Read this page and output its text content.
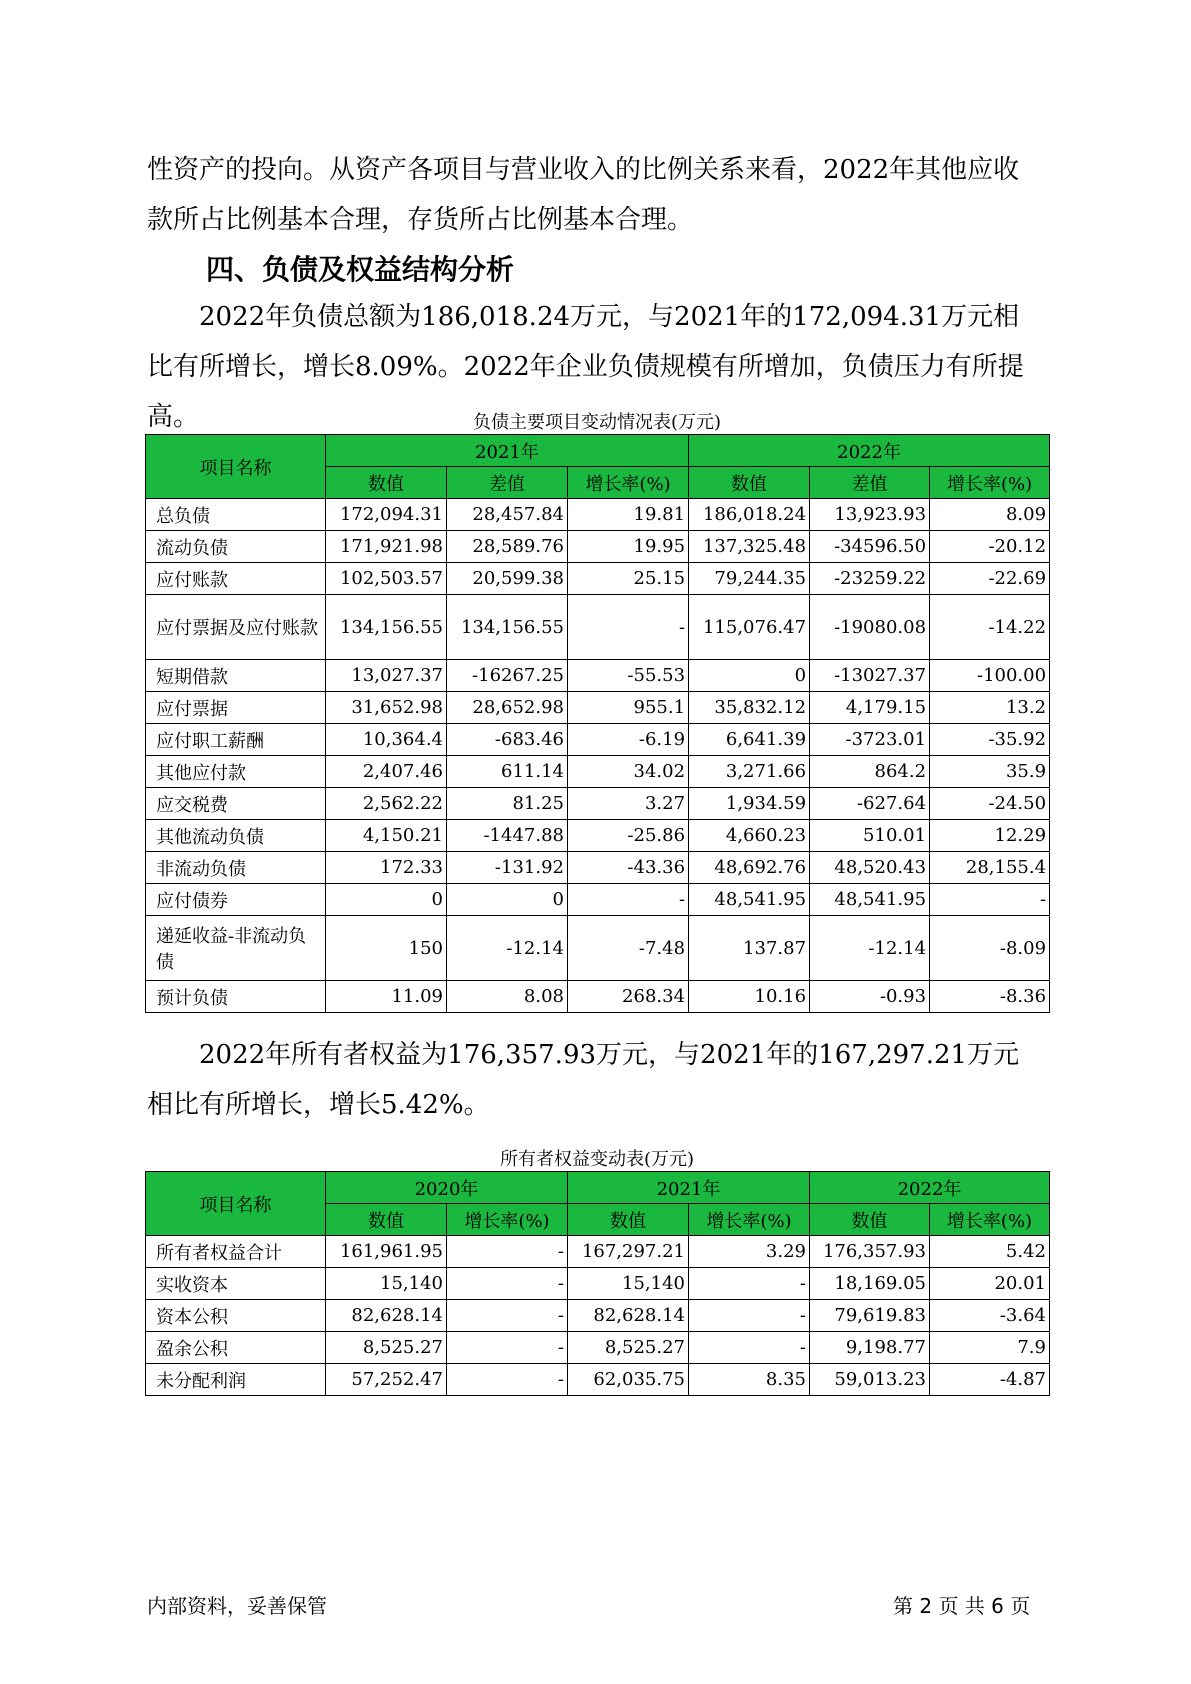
性资产的投向。从资产各项目与营业收入的比例关系来看，2022年其他应收款所占比例基本合理，存货所占比例基本合理。

四、负债及权益结构分析

2022年负债总额为186,018.24万元，与2021年的172,094.31万元相比有所增长，增长8.09%。2022年企业负债规模有所增加，负债压力有所提高。	负债主要项目变动情况表(万元)

项目名称	2021年			2022年		
	数值	差值	增长率(%)	数值	差值	增长率(%)
总负债	172,094.31	28,457.84	19.81	186,018.24	13,923.93	8.09
流动负债	171,921.98	28,589.76	19.95	137,325.48	-34596.50	-20.12
应付账款	102,503.57	20,599.38	25.15	79,244.35	-23259.22	-22.69
应付票据及应付账款	134,156.55	134,156.55	-	115,076.47	-19080.08	-14.22
短期借款	13,027.37	-16267.25	-55.53	0	-13027.37	-100.00
应付票据	31,652.98	28,652.98	955.1	35,832.12	4,179.15	13.2
应付职工薪酬	10,364.4	-683.46	-6.19	6,641.39	-3723.01	-35.92
其他应付款	2,407.46	611.14	34.02	3,271.66	864.2	35.9
应交税费	2,562.22	81.25	3.27	1,934.59	-627.64	-24.50
其他流动负债	4,150.21	-1447.88	-25.86	4,660.23	510.01	12.29
非流动负债	172.33	-131.92	-43.36	48,692.76	48,520.43	28,155.4
应付债券	0	0	-	48,541.95	48,541.95	-
递延收益-非流动负债	150	-12.14	-7.48	137.87	-12.14	-8.09
预计负债	11.09	8.08	268.34	10.16	-0.93	-8.36

2022年所有者权益为176,357.93万元，与2021年的167,297.21万元相比有所增长，增长5.42%。

所有者权益变动表(万元)

项目名称	2020年		2021年		2022年	
	数值	增长率(%)	数值	增长率(%)	数值	增长率(%)
所有者权益合计	161,961.95	-	167,297.21	3.29	176,357.93	5.42
实收资本	15,140	-	15,140	-	18,169.05	20.01
资本公积	82,628.14	-	82,628.14	-	79,619.83	-3.64
盈余公积	8,525.27	-	8,525.27	-	9,198.77	7.9
未分配利润	57,252.47	-	62,035.75	8.35	59,013.23	-4.87

内部资料，妥善保管	第 2 页 共 6 页
